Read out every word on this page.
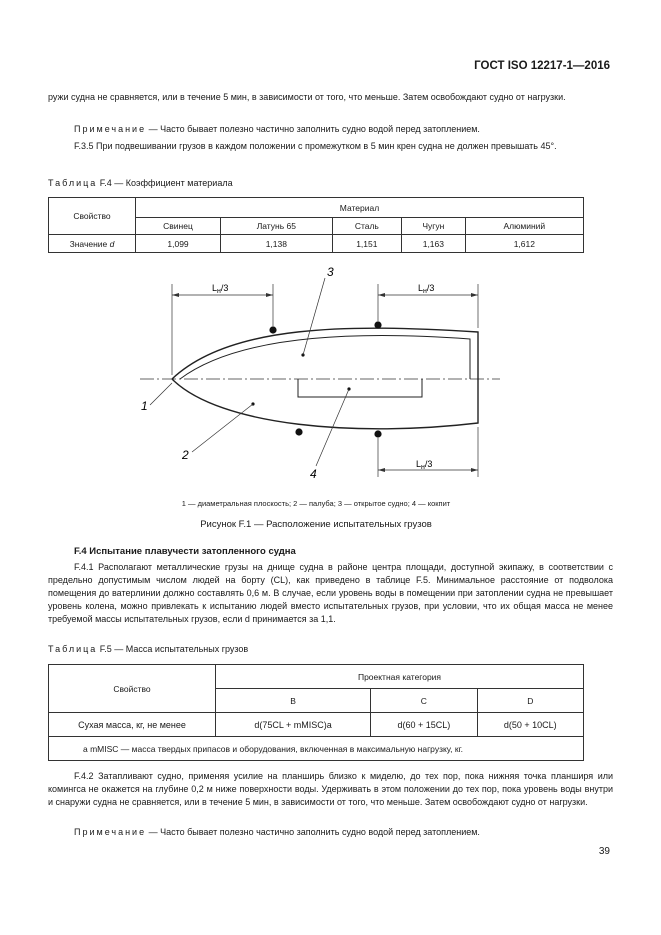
ГОСТ ISO 12217-1—2016
ружи судна не сравняется, или в течение 5 мин, в зависимости от того, что меньше. Затем освобождают судно от нагрузки.
Примечание — Часто бывает полезно частично заполнить судно водой перед затоплением.
F.3.5 При подвешивании грузов в каждом положении с промежутком в 5 мин крен судна не должен превышать 45°.
Таблица F.4 — Коэффициент материала
Свойство	Материал				
	Свинец	Латунь 65	Сталь	Чугун	Алюминий
Значение d	1,099	1,138	1,151	1,163	1,612
$L_н/3$	$L_н/3$
$L_н/3$
3
1
2
4
1 — диаметральная плоскость; 2 — палуба; 3 — открытое судно; 4 — кокпит
Рисунок F.1 — Расположение испытательных грузов
F.4 Испытание плавучести затопленного судна
F.4.1 Располагают металлические грузы на днище судна в районе центра площади, доступной экипажу, в соответствии с предельно допустимым числом людей на борту (CL), как приведено в таблице F.5. Минимальное расстояние от подволока помещения до ватерлинии должно составлять 0,6 м. В случае, если уровень воды в помещении при затоплении судна не превышает уровень колена, можно привлекать к испытанию людей вместо испытательных грузов, при условии, что их общая масса не менее требуемой массы испытательных грузов, если d принимается за 1,1.
Таблица F.5 — Масса испытательных грузов
Свойство	Проектная категория		
	B	C	D
Сухая масса, кг, не менее	d(75CL + mMISC)a	d(60 + 15CL)	d(50 + 10CL)
a mMISC — масса твердых припасов и оборудования, включенная в максимальную нагрузку, кг.			
F.4.2 Затапливают судно, применяя усилие на планширь близко к миделю, до тех пор, пока нижняя точка планширя или комингса не окажется на глубине 0,2 м ниже поверхности воды. Удерживать в этом положении до тех пор, пока уровень воды внутри и снаружи судна не сравняется, или в течение 5 мин, в зависимости от того, что меньше. Затем освобождают судно от нагрузки.
Примечание — Часто бывает полезно частично заполнить судно водой перед затоплением.
39
